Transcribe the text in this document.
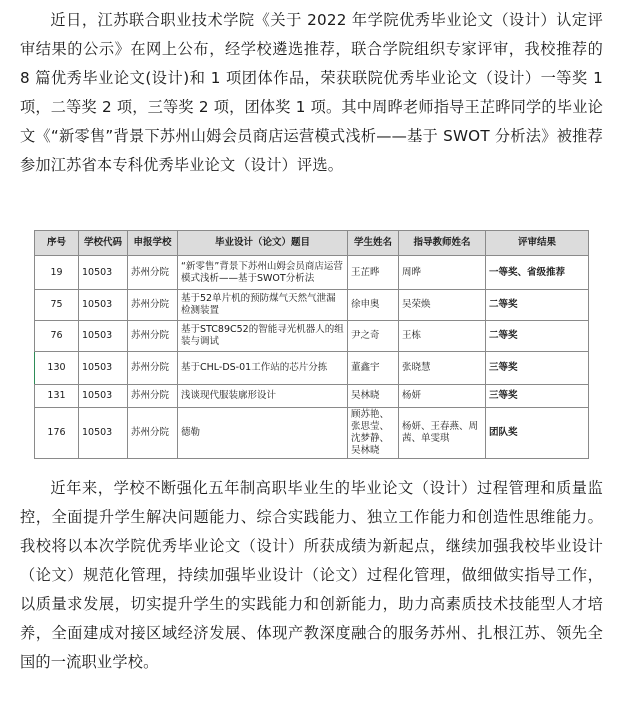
近日，江苏联合职业技术学院《关于 2022 年学院优秀毕业论文（设计）认定评审结果的公示》在网上公布，经学校遴选推荐，联合学院组织专家评审，我校推荐的 8 篇优秀毕业论文(设计)和 1 项团体作品，荣获联院优秀毕业论文（设计）一等奖 1 项，二等奖 2 项，三等奖 2 项，团体奖 1 项。其中周晔老师指导王芷晔同学的毕业论文《“新零售”背景下苏州山姆会员商店运营模式浅析——基于 SWOT 分析法》被推荐参加江苏省本专科优秀毕业论文（设计）评选。

序号	学校代码	申报学校	毕业设计（论文）题目	学生姓名	指导教师姓名	评审结果
19	10503	苏州分院	“新零售”背景下苏州山姆会员商店运营模式浅析——基于SWOT分析法	王芷晔	周晔	一等奖、省级推荐
75	10503	苏州分院	基于52单片机的预防煤气天然气泄漏检测装置	徐申奥	吴荣焕	二等奖
76	10503	苏州分院	基于STC89C52的智能寻光机器人的组装与调试	尹之奇	王栋	二等奖
130	10503	苏州分院	基于CHL-DS-01工作站的芯片分拣	董鑫宇	张晓慧	三等奖
131	10503	苏州分院	浅谈现代服装廓形设计	吴林晓	杨妍	三等奖
176	10503	苏州分院	德勒	顾苏艳、张思莹、沈梦静、吴林晓	杨妍、王春燕、周茜、单雯琪	团队奖

近年来，学校不断强化五年制高职毕业生的毕业论文（设计）过程管理和质量监控，全面提升学生解决问题能力、综合实践能力、独立工作能力和创造性思维能力。我校将以本次学院优秀毕业论文（设计）所获成绩为新起点，继续加强我校毕业设计（论文）规范化管理，持续加强毕业设计（论文）过程化管理，做细做实指导工作，以质量求发展，切实提升学生的实践能力和创新能力，助力高素质技术技能型人才培养，全面建成对接区域经济发展、体现产教深度融合的服务苏州、扎根江苏、领先全国的一流职业学校。
